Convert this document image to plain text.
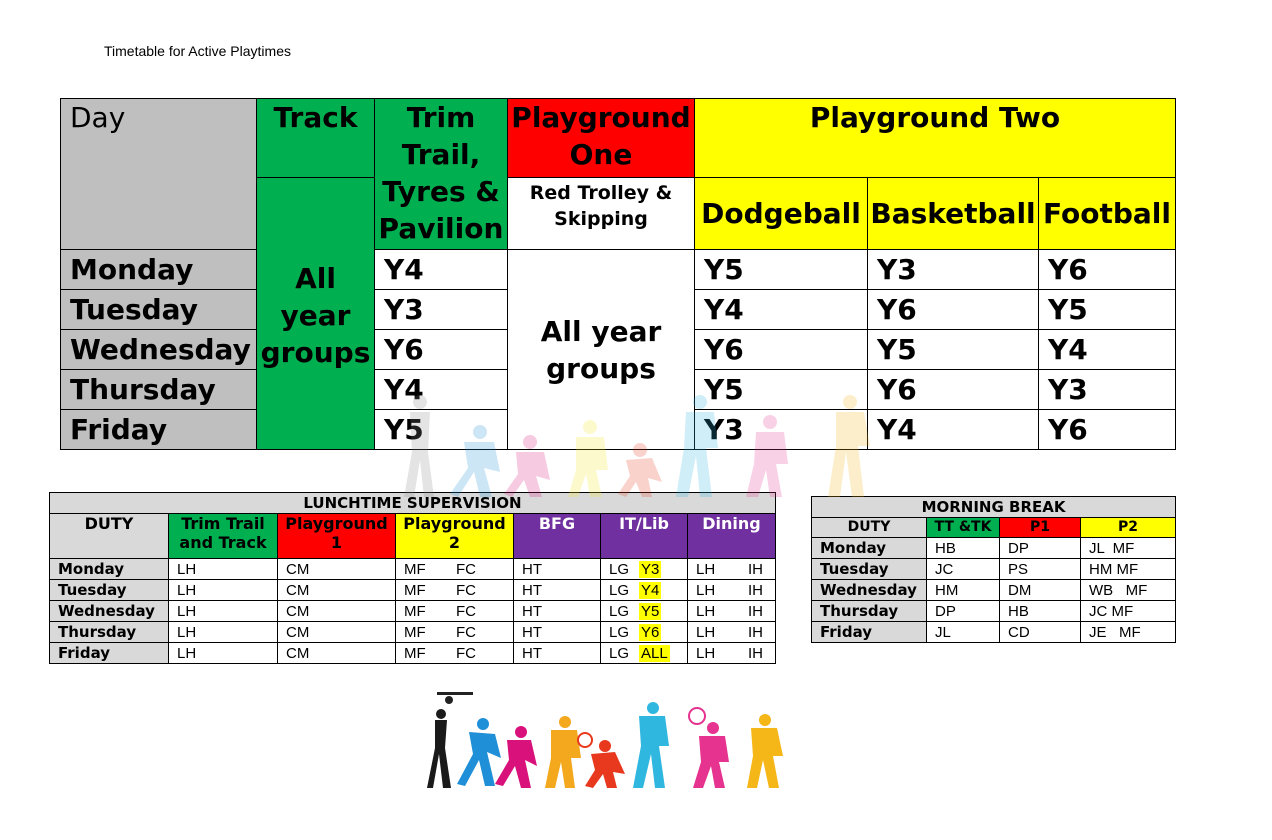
Timetable for Active Playtimes
Day	Track	Trim Trail, Tyres & Pavilion	Playground One	Playground Two		
	All year groups		Red Trolley & Skipping	Dodgeball	Basketball	Football
Monday		Y4	All year groups	Y5	Y3	Y6
Tuesday		Y3		Y4	Y6	Y5
Wednesday		Y6		Y6	Y5	Y4
Thursday		Y4		Y5	Y6	Y3
Friday		Y5		Y3	Y4	Y6
LUNCHTIME SUPERVISION						
DUTY	Trim Trail and Track	Playground 1	Playground 2	BFG	IT/Lib	Dining
Monday	LH	CM	MF FC	HT	LG Y3	LH IH
Tuesday	LH	CM	MF FC	HT	LG Y4	LH IH
Wednesday	LH	CM	MF FC	HT	LG Y5	LH IH
Thursday	LH	CM	MF FC	HT	LG Y6	LH IH
Friday	LH	CM	MF FC	HT	LG ALL	LH IH
MORNING BREAK			
DUTY	TT &TK	P1	P2
Monday	HB	DP	JL  MF
Tuesday	JC	PS	HM MF
Wednesday	HM	DM	WB   MF
Thursday	DP	HB	JC MF
Friday	JL	CD	JE   MF
